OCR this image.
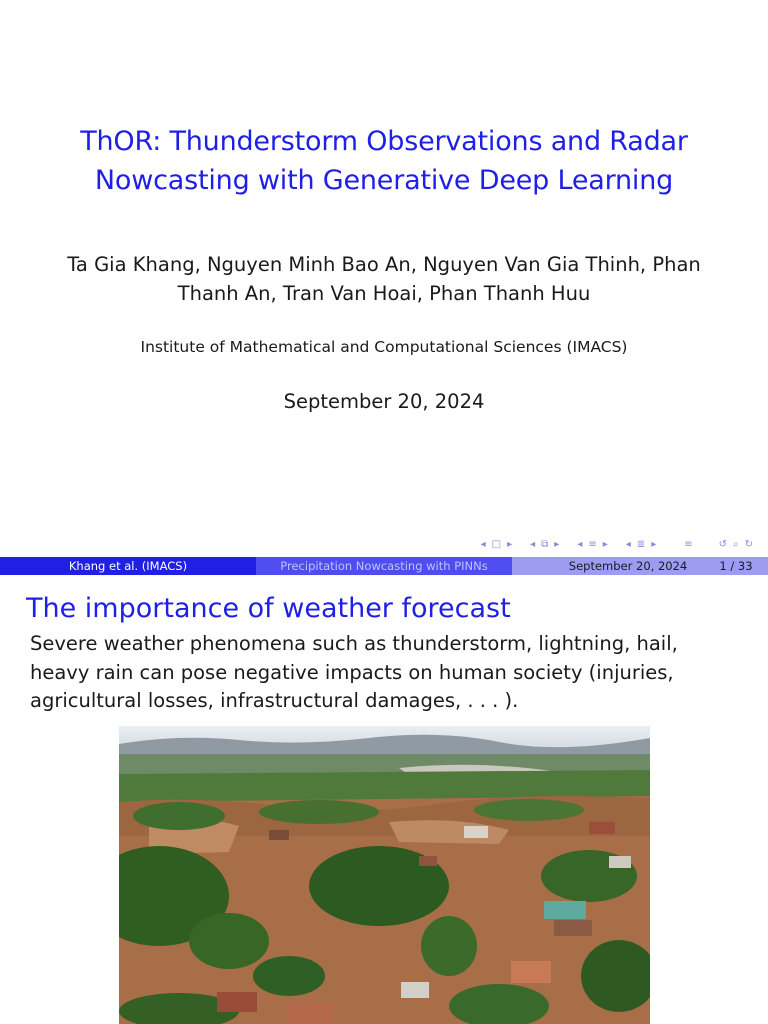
ThOR: Thunderstorm Observations and Radar
Nowcasting with Generative Deep Learning
Ta Gia Khang, Nguyen Minh Bao An, Nguyen Van Gia Thinh, Phan
Thanh An, Tran Van Hoai, Phan Thanh Huu
Institute of Mathematical and Computational Sciences (IMACS)
September 20, 2024
◂ □ ▸ ◂ ⧉ ▸ ◂ ≡ ▸ ◂ ≣ ▸	≡	↺ ⌕ ↻
Khang et al. (IMACS)	Precipitation Nowcasting with PINNs	September 20, 2024	1 / 33
The importance of weather forecast
Severe weather phenomena such as thunderstorm, lightning, hail, heavy rain can pose negative impacts on human society (injuries, agricultural losses, infrastructural damages, . . . ).
